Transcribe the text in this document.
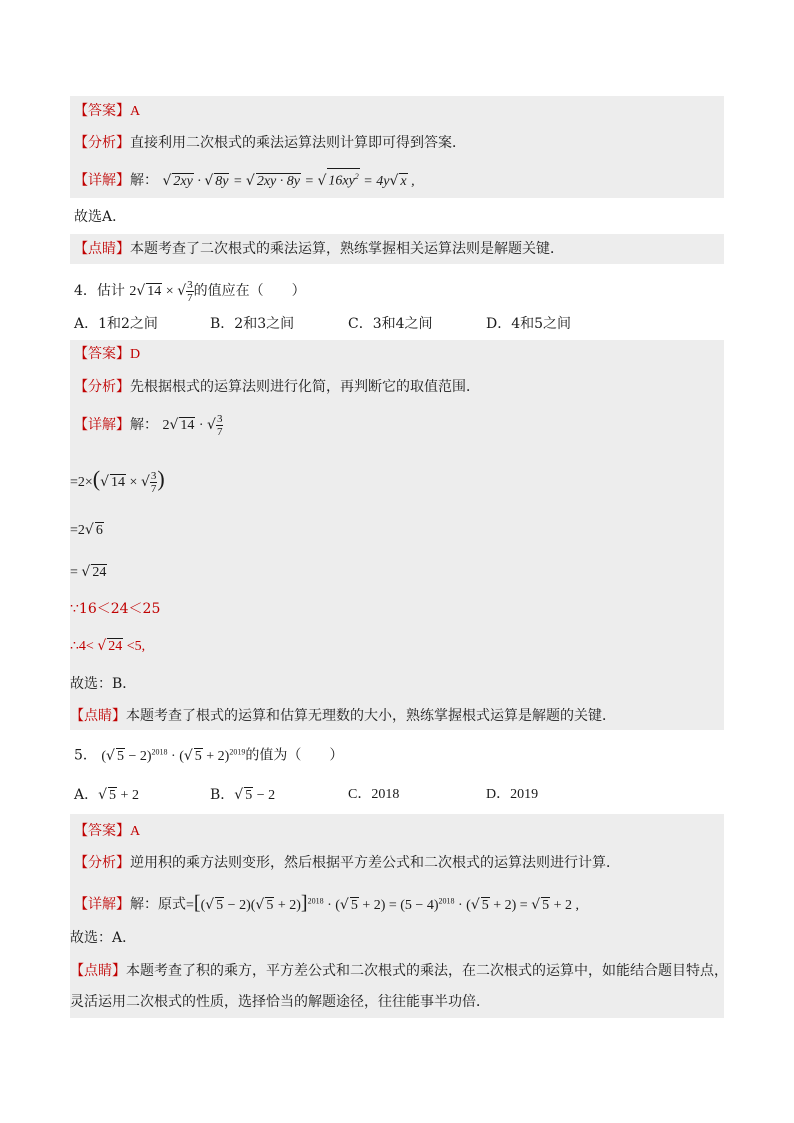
【答案】A
【分析】直接利用二次根式的乘法运算法则计算即可得到答案．
【详解】解： √ 2xy · √ 8y = √ 2xy · 8y = √ $16xy^2 = 4y√$ x ,
故选A．
【点睛】本题考查了二次根式的乘法运算，熟练掌握相关运算法则是解题关键．
4．估计 2√ 14 × √ $\frac{3}{7}$ 的值应在（　　）
A．1和2之间	B．2和3之间	C．3和4之间	D．4和5之间
【答案】D
【分析】先根据根式的运算法则进行化简，再判断它的取值范围．
【详解】解： 2√ 14 · √ $\frac{3}{7}$
=2×(√ 14 × √ $\frac{3}{7}$ )
=2√ 6
= √ 24
∵16＜24＜25
∴4< √ 24 <5,
故选：B．
【点睛】本题考查了根式的运算和估算无理数的大小，熟练掌握根式运算是解题的关键．
5． (√ 5 − 2)$^{2018}$ · (√ 5 + 2)$^{2019}$的值为（　　）
A．√ 5 + 2	B．√ 5 − 2	C．2018	D．2019
【答案】A
【分析】逆用积的乘方法则变形，然后根据平方差公式和二次根式的运算法则进行计算．
【详解】解：原式=[(√ 5 − 2)(√ 5 + 2)]$^{2018}$ · (√ $5 + 2) = (5 - 4)^{2018}$ · (√ 5 + 2) = √ 5 + 2 ,
故选：A．
【点睛】本题考查了积的乘方，平方差公式和二次根式的乘法，在二次根式的运算中，如能结合题目特点，
灵活运用二次根式的性质，选择恰当的解题途径，往往能事半功倍．
